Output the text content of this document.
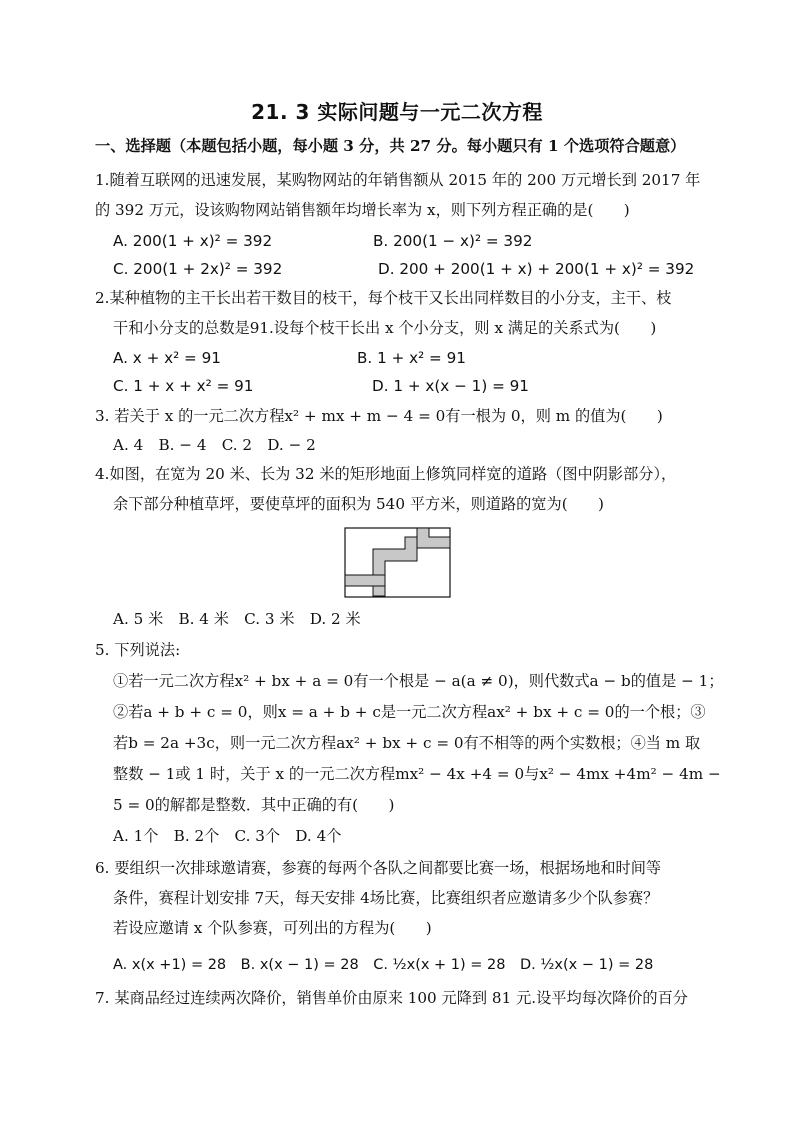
21. 3 实际问题与一元二次方程
一、选择题（本题包括小题，每小题 3 分，共 27 分。每小题只有 1 个选项符合题意）
1.随着互联网的迅速发展，某购物网站的年销售额从 2015 年的 200 万元增长到 2017 年
的 392 万元，设该购物网站销售额年均增长率为 x，则下列方程正确的是(　　)
A. 200(1 + x)² = 392	B. 200(1 − x)² = 392
C. 200(1 + 2x)² = 392	D. 200 + 200(1 + x) + 200(1 + x)² = 392
2.某种植物的主干长出若干数目的枝干，每个枝干又长出同样数目的小分支，主干、枝
干和小分支的总数是91.设每个枝干长出 x 个小分支，则 x 满足的关系式为(　　)
A. x + x² = 91	B. 1 + x² = 91
C. 1 + x + x² = 91	D. 1 + x(x − 1) = 91
3. 若关于 x 的一元二次方程x² + mx + m − 4 = 0有一根为 0，则 m 的值为(　　)
A. 4　B. − 4　C. 2　D. − 2
4.如图，在宽为 20 米、长为 32 米的矩形地面上修筑同样宽的道路（图中阴影部分），
余下部分种植草坪，要使草坪的面积为 540 平方米，则道路的宽为(　　)
A. 5 米　B. 4 米　C. 3 米　D. 2 米
5. 下列说法:
①若一元二次方程x² + bx + a = 0有一个根是 − a(a ≠ 0)，则代数式a − b的值是 − 1；
②若a + b + c = 0，则x = a + b + c是一元二次方程ax² + bx + c = 0的一个根；③
若b = 2a +3c，则一元二次方程ax² + bx + c = 0有不相等的两个实数根；④当 m 取
整数 − 1或 1 时，关于 x 的一元二次方程mx² − 4x +4 = 0与x² − 4mx +4m² − 4m −
5 = 0的解都是整数．其中正确的有(　　)
A. 1个　B. 2个　C. 3个　D. 4个
6. 要组织一次排球邀请赛，参赛的每两个各队之间都要比赛一场，根据场地和时间等
条件，赛程计划安排 7天，每天安排 4场比赛，比赛组织者应邀请多少个队参赛？
若设应邀请 x 个队参赛，可列出的方程为(　　)
A. x(x +1) = 28　B. x(x − 1) = 28　C. ½x(x + 1) = 28　D. ½x(x − 1) = 28
7. 某商品经过连续两次降价，销售单价由原来 100 元降到 81 元.设平均每次降价的百分
